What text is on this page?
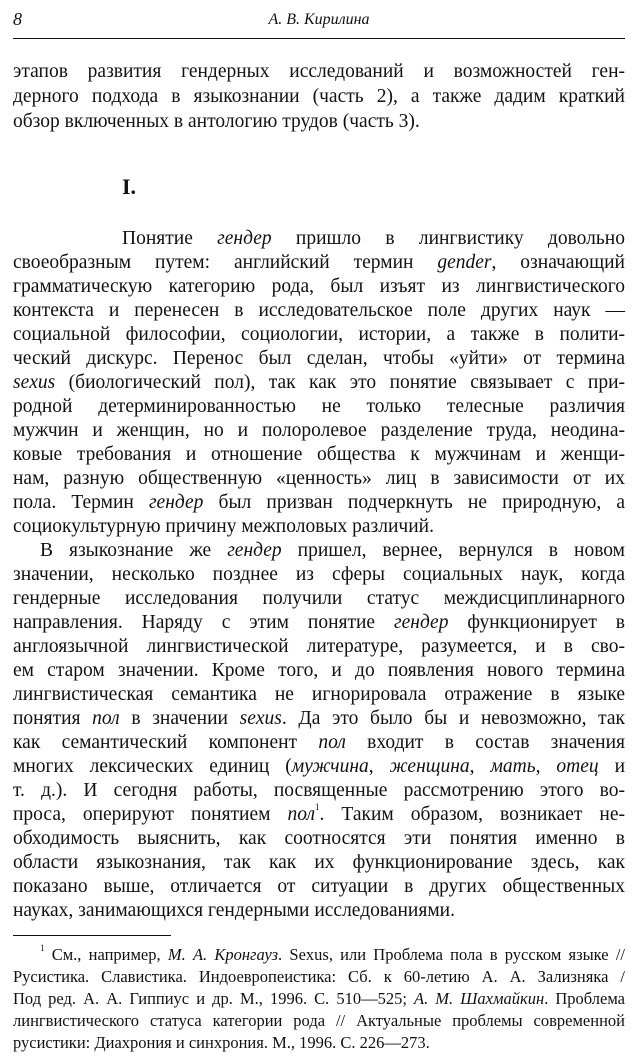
8	А. В. Кирилина
этапов развития гендерных исследований и возможностей ген-
дерного подхода в языкознании (часть 2), а также дадим краткий
обзор включенных в антологию трудов (часть 3).
I.
Понятие гендер пришло в лингвистику довольно
своеобразным путем: английский термин gender, означающий
грамматическую категорию рода, был изъят из лингвистического
контекста и перенесен в исследовательское поле других наук —
социальной философии, социологии, истории, а также в полити-
ческий дискурс. Перенос был сделан, чтобы «уйти» от термина
sexus (биологический пол), так как это понятие связывает с при-
родной детерминированностью не только телесные различия
мужчин и женщин, но и полоролевое разделение труда, неодина-
ковые требования и отношение общества к мужчинам и женщи-
нам, разную общественную «ценность» лиц в зависимости от их
пола. Термин гендер был призван подчеркнуть не природную, а
социокультурную причину межполовых различий.
В языкознание же гендер пришел, вернее, вернулся в новом
значении, несколько позднее из сферы социальных наук, когда
гендерные исследования получили статус междисциплинарного
направления. Наряду с этим понятие гендер функционирует в
англоязычной лингвистической литературе, разумеется, и в сво-
ем старом значении. Кроме того, и до появления нового термина
лингвистическая семантика не игнорировала отражение в языке
понятия пол в значении sexus. Да это было бы и невозможно, так
как семантический компонент пол входит в состав значения
многих лексических единиц (мужчина, женщина, мать, отец и
т. д.). И сегодня работы, посвященные рассмотрению этого во-
проса, оперируют понятием пол$^1$. Таким образом, возникает не-
обходимость выяснить, как соотносятся эти понятия именно в
области языкознания, так как их функционирование здесь, как
показано выше, отличается от ситуации в других общественных
науках, занимающихся гендерными исследованиями.
$^1$ См., например, М. А. Кронгауз. Sexus, или Проблема пола в русском языке //
Русистика. Славистика. Индоевропеистика: Сб. к 60-летию А. А. Зализняка /
Под ред. А. А. Гиппиус и др. М., 1996. С. 510—525; А. М. Шахмайкин. Проблема
лингвистического статуса категории рода // Актуальные проблемы современной
русистики: Диахрония и синхрония. М., 1996. С. 226—273.
